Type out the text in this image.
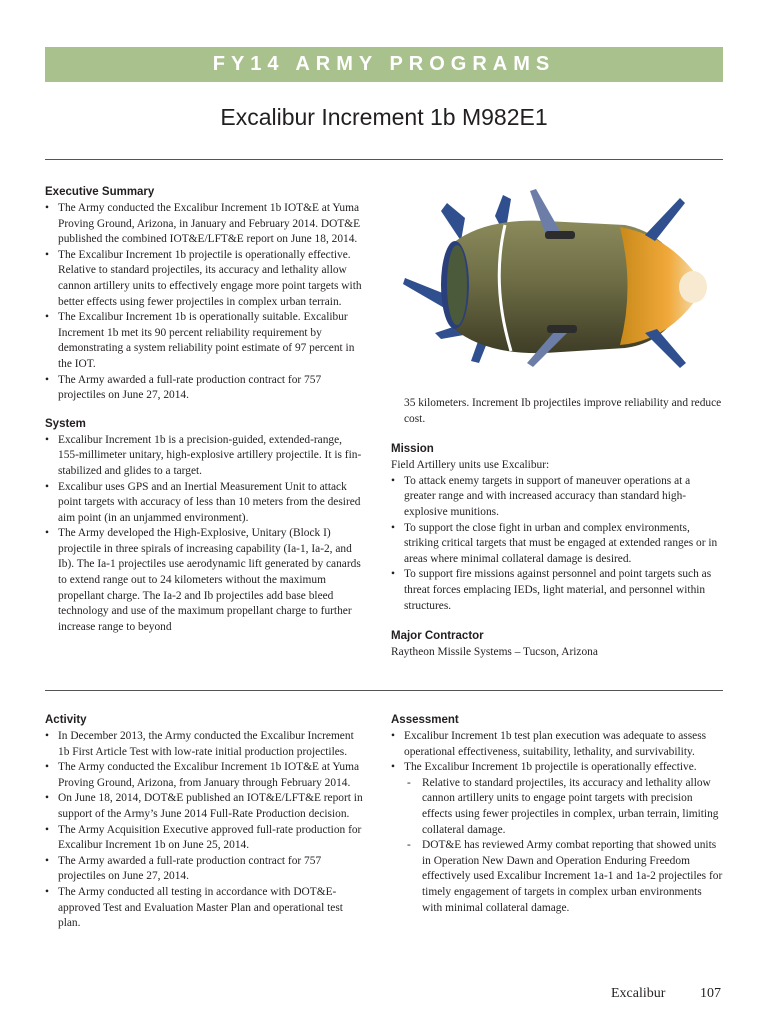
FY14 ARMY PROGRAMS
Excalibur Increment 1b M982E1
Executive Summary
• The Army conducted the Excalibur Increment 1b IOT&E at Yuma Proving Ground, Arizona, in January and February 2014. DOT&E published the combined IOT&E/LFT&E report on June 18, 2014.
• The Excalibur Increment 1b projectile is operationally effective. Relative to standard projectiles, its accuracy and lethality allow cannon artillery units to effectively engage more point targets with better effects using fewer projectiles in complex urban terrain.
• The Excalibur Increment 1b is operationally suitable. Excalibur Increment 1b met its 90 percent reliability requirement by demonstrating a system reliability point estimate of 97 percent in the IOT.
• The Army awarded a full-rate production contract for 757 projectiles on June 27, 2014.
System
• Excalibur Increment 1b is a precision-guided, extended-range, 155-millimeter unitary, high-explosive artillery projectile. It is fin-stabilized and glides to a target.
• Excalibur uses GPS and an Inertial Measurement Unit to attack point targets with accuracy of less than 10 meters from the desired aim point (in an unjammed environment).
• The Army developed the High-Explosive, Unitary (Block I) projectile in three spirals of increasing capability (Ia-1, Ia-2, and Ib). The Ia-1 projectiles use aerodynamic lift generated by canards to extend range out to 24 kilometers without the maximum propellant charge. The Ia-2 and Ib projectiles add base bleed technology and use of the maximum propellant charge to further increase range to beyond

35 kilometers. Increment Ib projectiles improve reliability and reduce cost.

Mission

Field Artillery units use Excalibur:

• To attack enemy targets in support of maneuver operations at a greater range and with increased accuracy than standard high-explosive munitions.
• To support the close fight in urban and complex environments, striking critical targets that must be engaged at extended ranges or in areas where minimal collateral damage is desired.
• To support fire missions against personnel and point targets such as threat forces emplacing IEDs, light material, and personnel within structures.
Major Contractor

Raytheon Missile Systems – Tucson, Arizona

Activity
• In December 2013, the Army conducted the Excalibur Increment 1b First Article Test with low-rate initial production projectiles.
• The Army conducted the Excalibur Increment 1b IOT&E at Yuma Proving Ground, Arizona, from January through February 2014.
• On June 18, 2014, DOT&E published an IOT&E/LFT&E report in support of the Army’s June 2014 Full-Rate Production decision.
• The Army Acquisition Executive approved full-rate production for Excalibur Increment 1b on June 25, 2014.
• The Army awarded a full-rate production contract for 757 projectiles on June 27, 2014.
• The Army conducted all testing in accordance with DOT&E-approved Test and Evaluation Master Plan and operational test plan.
Assessment
• Excalibur Increment 1b test plan execution was adequate to assess operational effectiveness, suitability, lethality, and survivability.
• The Excalibur Increment 1b projectile is operationally effective.
- Relative to standard projectiles, its accuracy and lethality allow cannon artillery units to engage point targets with precision effects using fewer projectiles in complex, urban terrain, limiting collateral damage.
- DOT&E has reviewed Army combat reporting that showed units in Operation New Dawn and Operation Enduring Freedom effectively used Excalibur Increment 1a-1 and 1a-2 projectiles for timely engagement of targets in complex urban environments with minimal collateral damage.
Excalibur 107
